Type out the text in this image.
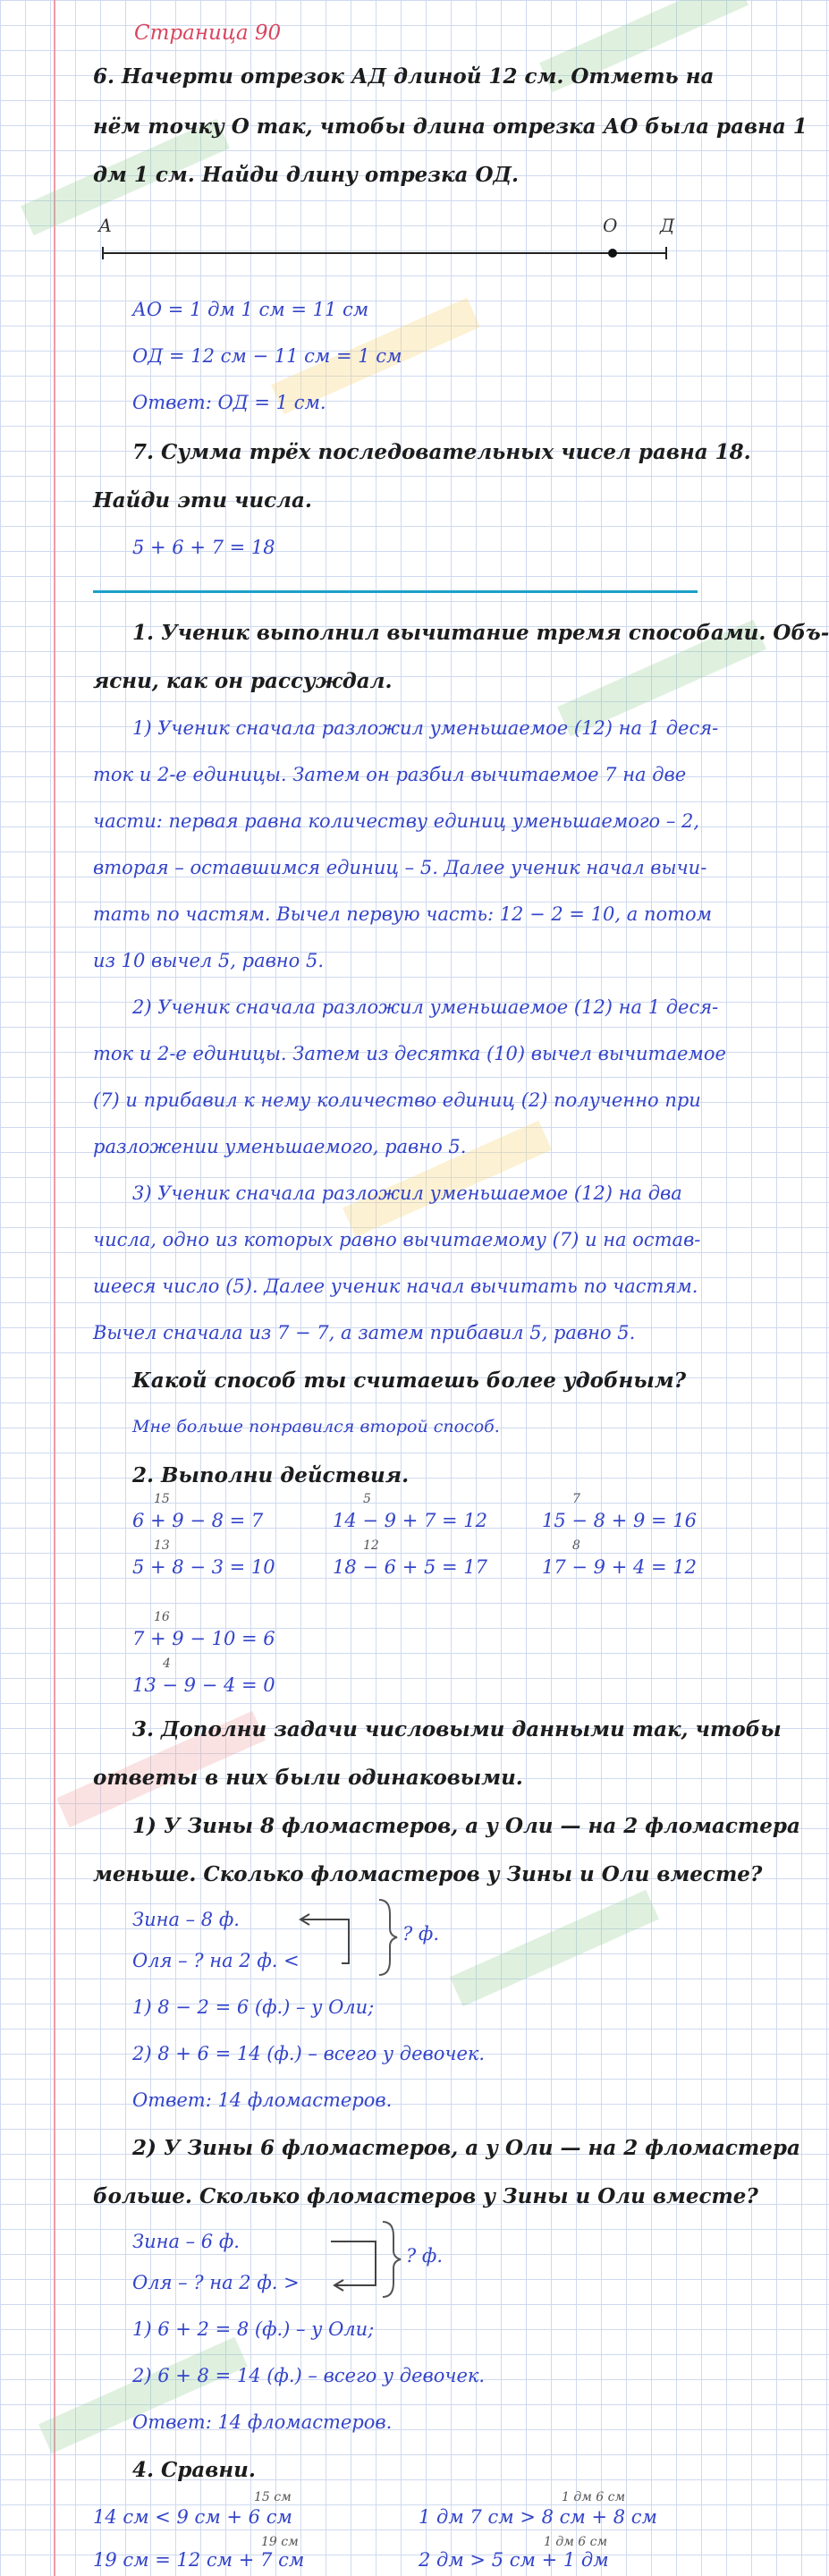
Страница 90
6. Начерти отрезок АД длиной 12 см. Отметь на
нём точку О так, чтобы длина отрезка АО была равна 1
дм 1 см. Найди длину отрезка ОД.
А	О Д
АО = 1 дм 1 см = 11 см
ОД = 12 см − 11 см = 1 см
Ответ: ОД = 1 см.
7. Сумма трёх последовательных чисел равна 18.
Найди эти числа.
5 + 6 + 7 = 18
1. Ученик выполнил вычитание тремя способами. Объ-
ясни, как он рассуждал.
1) Ученик сначала разложил уменьшаемое (12) на 1 деся-
ток и 2-е единицы. Затем он разбил вычитаемое 7 на две
части: первая равна количеству единиц уменьшаемого – 2,
вторая – оставшимся единиц – 5. Далее ученик начал вычи-
тать по частям. Вычел первую часть: 12 − 2 = 10, а потом
из 10 вычел 5, равно 5.
2) Ученик сначала разложил уменьшаемое (12) на 1 деся-
ток и 2-е единицы. Затем из десятка (10) вычел вычитаемое
(7) и прибавил к нему количество единиц (2) полученно при
разложении уменьшаемого, равно 5.
3) Ученик сначала разложил уменьшаемое (12) на два
числа, одно из которых равно вычитаемому (7) и на остав-
шееся число (5). Далее ученик начал вычитать по частям.
Вычел сначала из 7 − 7, а затем прибавил 5, равно 5.
Какой способ ты считаешь более удобным?
Мне больше понравился второй способ.
2. Выполни действия.
15	5	7
6 + 9 − 8 = 7	14 − 9 + 7 = 12	15 − 8 + 9 = 16
13	12	8
5 + 8 − 3 = 10	18 − 6 + 5 = 17	17 − 9 + 4 = 12
16
7 + 9 − 10 = 6
4
13 − 9 − 4 = 0
3. Дополни задачи числовыми данными так, чтобы
ответы в них были одинаковыми.
1) У Зины 8 фломастеров, а у Оли — на 2 фломастера
меньше. Сколько фломастеров у Зины и Оли вместе?
Зина – 8 ф.
Оля – ? на 2 ф. <
? ф.
1) 8 − 2 = 6 (ф.) – у Оли;
2) 8 + 6 = 14 (ф.) – всего у девочек.
Ответ: 14 фломастеров.
2) У Зины 6 фломастеров, а у Оли — на 2 фломастера
больше. Сколько фломастеров у Зины и Оли вместе?
Зина – 6 ф.
Оля – ? на 2 ф. >
? ф.
1) 6 + 2 = 8 (ф.) – у Оли;
2) 6 + 8 = 14 (ф.) – всего у девочек.
Ответ: 14 фломастеров.
4. Сравни.
15 см	1 дм 6 см
14 см < 9 см + 6 см	1 дм 7 см > 8 см + 8 см
19 см	1 дм 6 см
19 см = 12 см + 7 см	2 дм > 5 см + 1 дм
